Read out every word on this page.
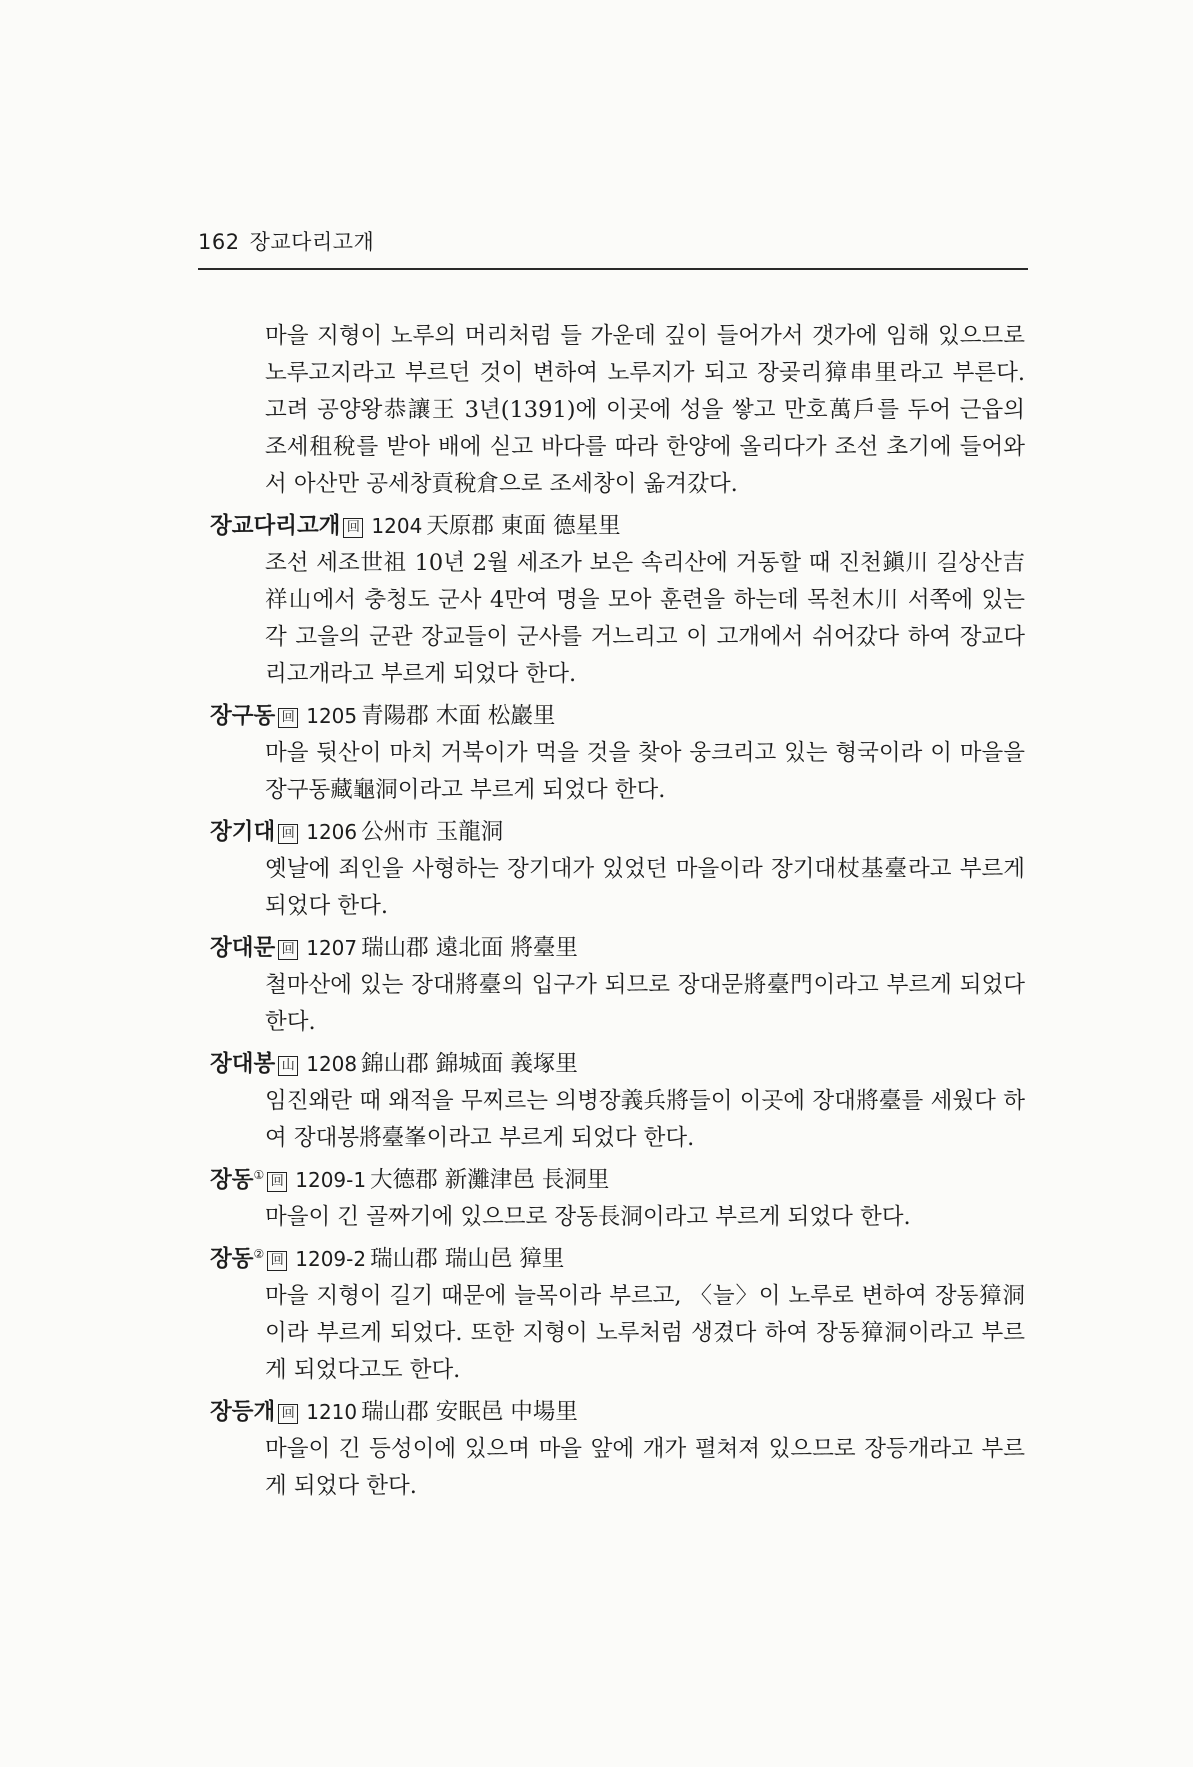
162 장교다리고개

마을 지형이 노루의 머리처럼 들 가운데 깊이 들어가서 갯가에 임해 있으므로 노루고지라고 부르던 것이 변하여 노루지가 되고 장곶리獐串里라고 부른다. 고려 공양왕恭讓王 3년(1391)에 이곳에 성을 쌓고 만호萬戶를 두어 근읍의 조세租稅를 받아 배에 싣고 바다를 따라 한양에 올리다가 조선 초기에 들어와서 아산만 공세창貢稅倉으로 조세창이 옮겨갔다.

장교다리고개 回 1204 天原郡 東面 德星里

조선 세조世祖 10년 2월 세조가 보은 속리산에 거동할 때 진천鎭川 길상산吉祥山에서 충청도 군사 4만여 명을 모아 훈련을 하는데 목천木川 서쪽에 있는 각 고을의 군관 장교들이 군사를 거느리고 이 고개에서 쉬어갔다 하여 장교다리고개라고 부르게 되었다 한다.

장구동 回 1205 青陽郡 木面 松巖里

마을 뒷산이 마치 거북이가 먹을 것을 찾아 웅크리고 있는 형국이라 이 마을을 장구동藏龜洞이라고 부르게 되었다 한다.

장기대 回 1206 公州市 玉龍洞

옛날에 죄인을 사형하는 장기대가 있었던 마을이라 장기대杖基臺라고 부르게 되었다 한다.

장대문 回 1207 瑞山郡 遠北面 將臺里

철마산에 있는 장대將臺의 입구가 되므로 장대문將臺門이라고 부르게 되었다 한다.

장대봉 山 1208 錦山郡 錦城面 義塚里

임진왜란 때 왜적을 무찌르는 의병장義兵將들이 이곳에 장대將臺를 세웠다 하여 장대봉將臺峯이라고 부르게 되었다 한다.

장동① 回 1209-1 大德郡 新灘津邑 長洞里

마을이 긴 골짜기에 있으므로 장동長洞이라고 부르게 되었다 한다.

장동② 回 1209-2 瑞山郡 瑞山邑 獐里

마을 지형이 길기 때문에 늘목이라 부르고, 〈늘〉이 노루로 변하여 장동獐洞이라 부르게 되었다. 또한 지형이 노루처럼 생겼다 하여 장동獐洞이라고 부르게 되었다고도 한다.

장등개 回 1210 瑞山郡 安眠邑 中場里

마을이 긴 등성이에 있으며 마을 앞에 개가 펼쳐져 있으므로 장등개라고 부르게 되었다 한다.
